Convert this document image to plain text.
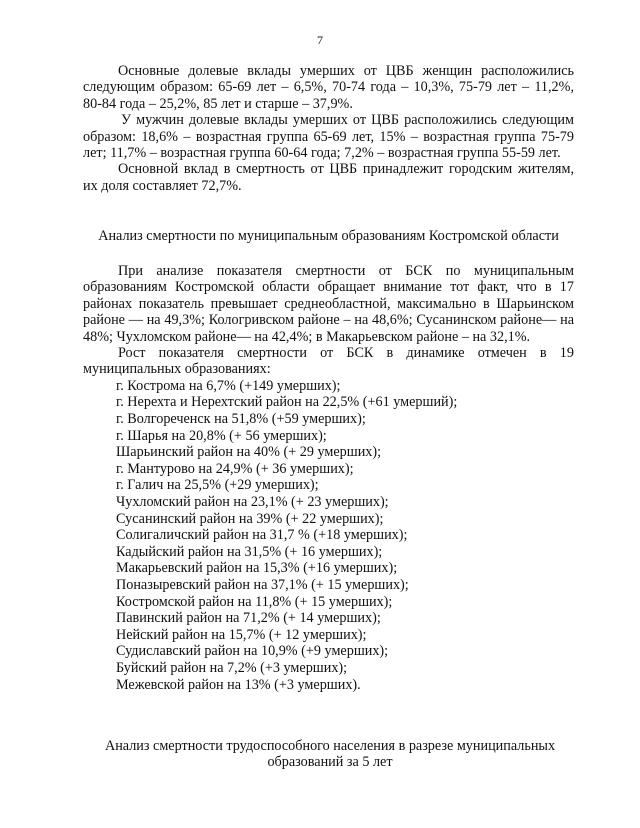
7

Основные долевые вклады умерших от ЦВБ женщин расположились следующим образом: 65-69 лет – 6,5%, 70-74 года – 10,3%, 75-79 лет – 11,2%, 80-84 года – 25,2%, 85 лет и старше – 37,9%.

У мужчин долевые вклады умерших от ЦВБ расположились следующим образом: 18,6% – возрастная группа 65-69 лет, 15% – возрастная группа 75-79 лет; 11,7% – возрастная группа 60-64 года; 7,2% – возрастная группа 55-59 лет.

Основной вклад в смертность от ЦВБ принадлежит городским жителям, их доля составляет 72,7%.

Анализ смертности по муниципальным образованиям Костромской области

При анализе показателя смертности от БСК по муниципальным образованиям Костромской области обращает внимание тот факт, что в 17 районах показатель превышает среднеобластной, максимально в Шарьинском районе — на 49,3%; Кологривском районе – на 48,6%; Сусанинском районе— на 48%; Чухломском районе— на 42,4%; в Макарьевском районе – на 32,1%.

Рост показателя смертности от БСК в динамике отмечен в 19 муниципальных образованиях:

г. Кострома на 6,7% (+149 умерших);
г. Нерехта и Нерехтский район на 22,5% (+61 умерший);
г. Волгореченск на 51,8% (+59 умерших);
г. Шарья на 20,8% (+ 56 умерших);
Шарьинский район на 40% (+ 29 умерших);
г. Мантурово на 24,9% (+ 36 умерших);
г. Галич на 25,5% (+29 умерших);
Чухломский район на 23,1% (+ 23 умерших);
Сусанинский район на 39% (+ 22 умерших);
Солигаличский район на 31,7 % (+18 умерших);
Кадыйский район на 31,5% (+ 16 умерших);
Макарьевский район на 15,3% (+16 умерших);
Поназыревский район на 37,1% (+ 15 умерших);
Костромской район на 11,8% (+ 15 умерших);
Павинский район на 71,2% (+ 14 умерших);
Нейский район на 15,7% (+ 12 умерших);
Судиславский район на 10,9% (+9 умерших);
Буйский район на 7,2% (+3 умерших);
Межевской район на 13% (+3 умерших).

Анализ смертности трудоспособного населения в разрезе муниципальных образований за 5 лет
